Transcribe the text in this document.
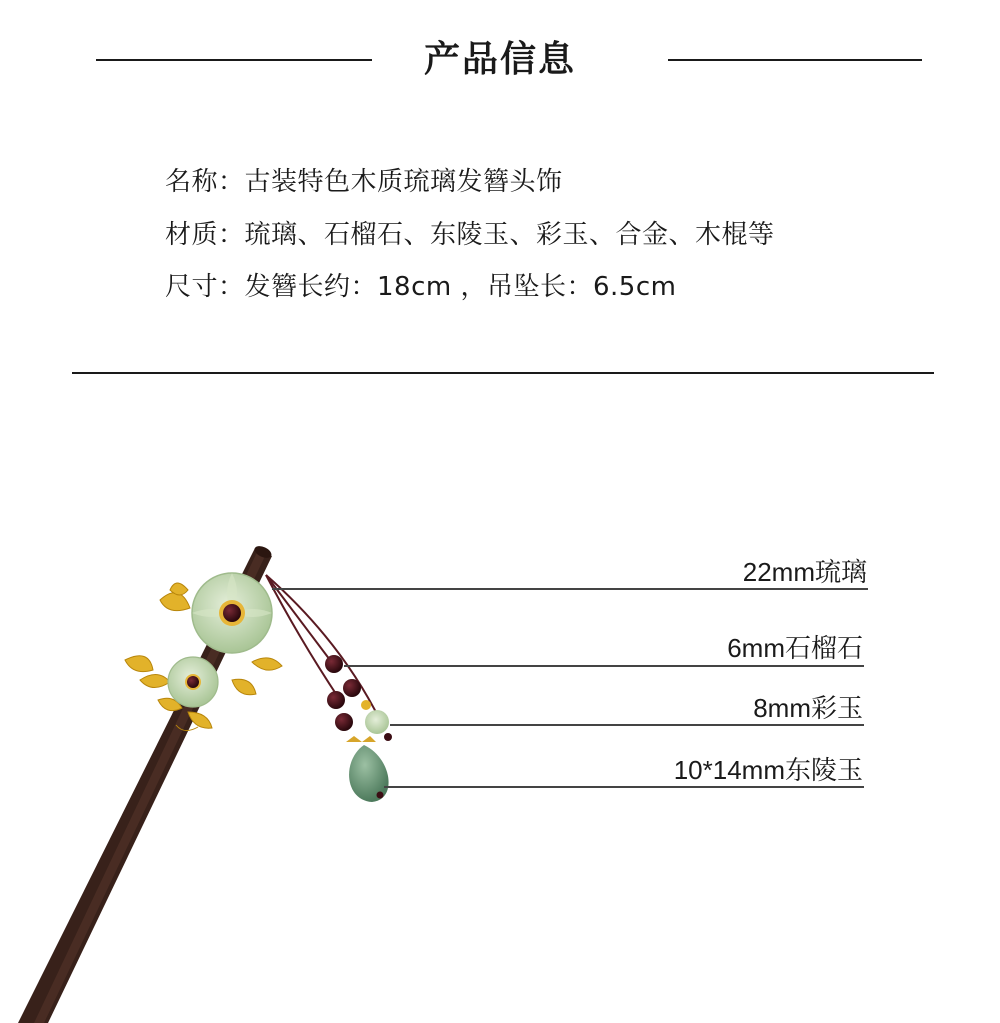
产品信息
名称：古装特色木质琉璃发簪头饰
材质：琉璃、石榴石、东陵玉、彩玉、合金、木棍等
尺寸：发簪长约：18cm ，吊坠长：6.5cm
22mm琉璃
6mm石榴石
8mm彩玉
10*14mm东陵玉
